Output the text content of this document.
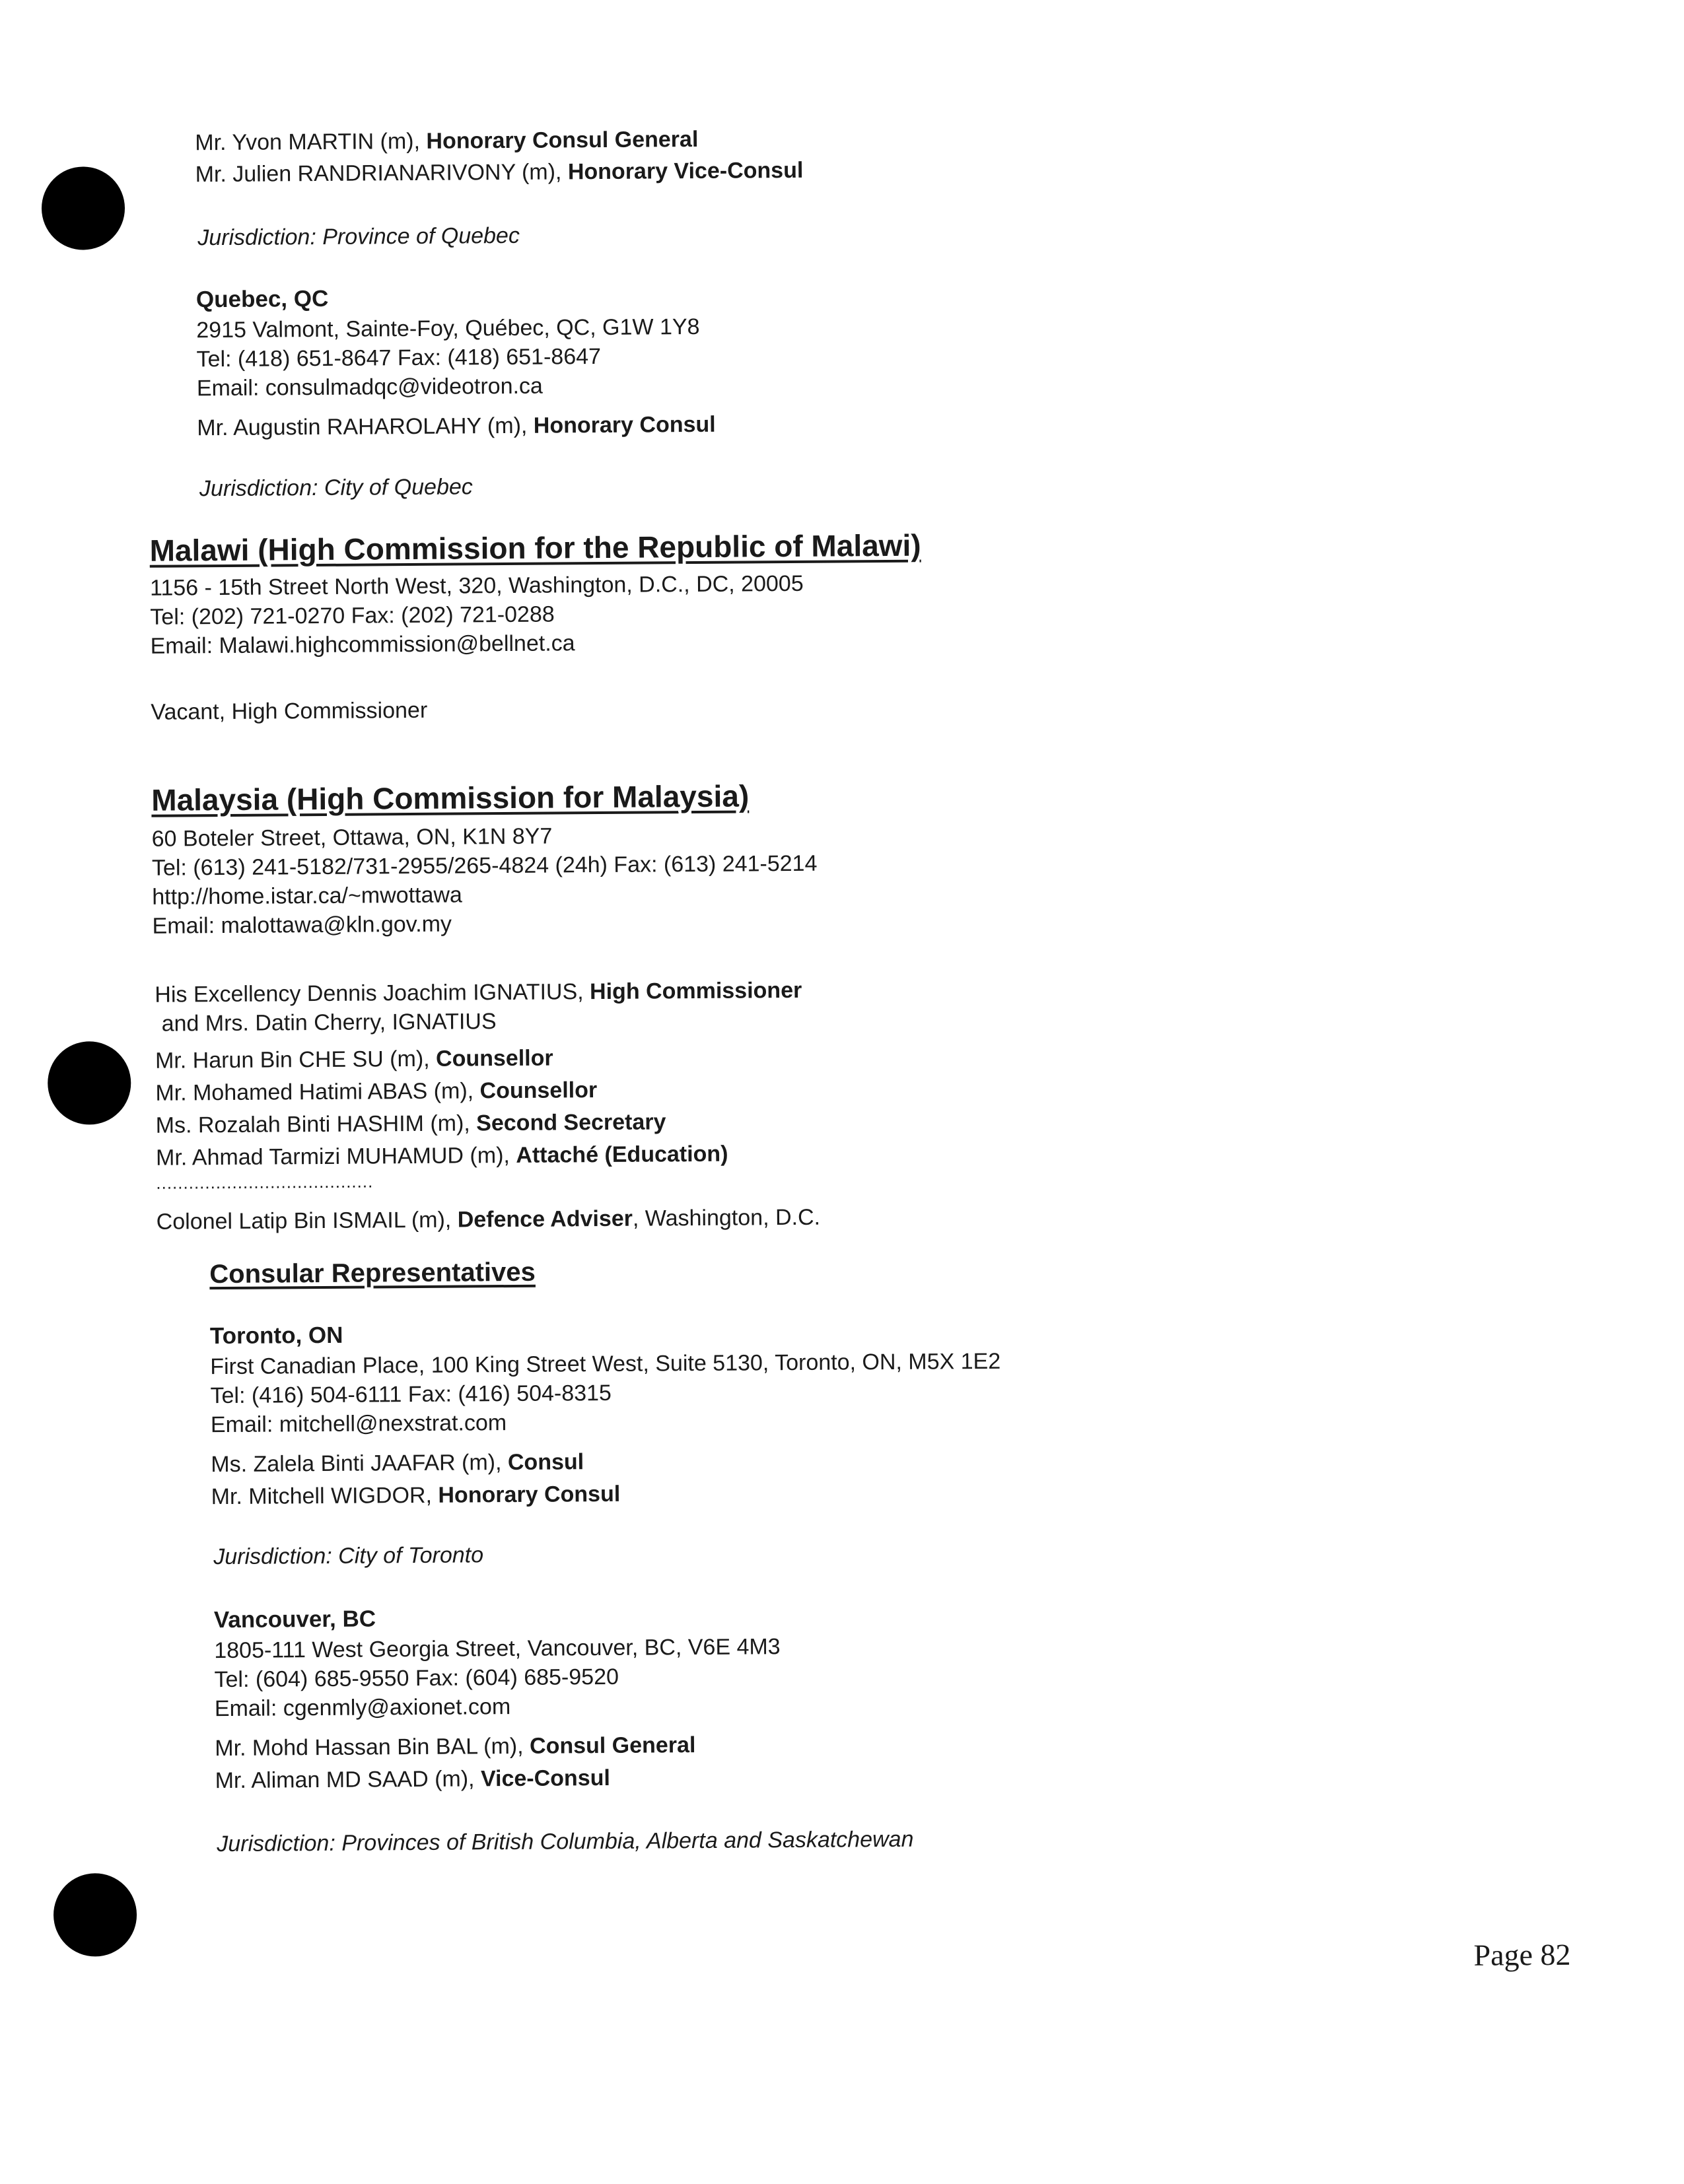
Mr. Yvon MARTIN (m), Honorary Consul General
Mr. Julien RANDRIANARIVONY (m), Honorary Vice-Consul
Jurisdiction: Province of Quebec
Quebec, QC
2915 Valmont, Sainte-Foy, Québec, QC, G1W 1Y8
Tel: (418) 651-8647 Fax: (418) 651-8647
Email: consulmadqc@videotron.ca
Mr. Augustin RAHAROLAHY (m), Honorary Consul
Jurisdiction: City of Quebec
Malawi (High Commission for the Republic of Malawi)
1156 - 15th Street North West, 320, Washington, D.C., DC, 20005
Tel: (202) 721-0270 Fax: (202) 721-0288
Email: Malawi.highcommission@bellnet.ca
Vacant, High Commissioner
Malaysia (High Commission for Malaysia)
60 Boteler Street, Ottawa, ON, K1N 8Y7
Tel: (613) 241-5182/731-2955/265-4824 (24h) Fax: (613) 241-5214
http://home.istar.ca/~mwottawa
Email: malottawa@kln.gov.my
His Excellency Dennis Joachim IGNATIUS, High Commissioner
and Mrs. Datin Cherry, IGNATIUS
Mr. Harun Bin CHE SU (m), Counsellor
Mr. Mohamed Hatimi ABAS (m), Counsellor
Ms. Rozalah Binti HASHIM (m), Second Secretary
Mr. Ahmad Tarmizi MUHAMUD (m), Attaché (Education)
........................................
Colonel Latip Bin ISMAIL (m), Defence Adviser, Washington, D.C.
Consular Representatives
Toronto, ON
First Canadian Place, 100 King Street West, Suite 5130, Toronto, ON, M5X 1E2
Tel: (416) 504-6111 Fax: (416) 504-8315
Email: mitchell@nexstrat.com
Ms. Zalela Binti JAAFAR (m), Consul
Mr. Mitchell WIGDOR, Honorary Consul
Jurisdiction: City of Toronto
Vancouver, BC
1805-111 West Georgia Street, Vancouver, BC, V6E 4M3
Tel: (604) 685-9550 Fax: (604) 685-9520
Email: cgenmly@axionet.com
Mr. Mohd Hassan Bin BAL (m), Consul General
Mr. Aliman MD SAAD (m), Vice-Consul
Jurisdiction: Provinces of British Columbia, Alberta and Saskatchewan
Page 82
